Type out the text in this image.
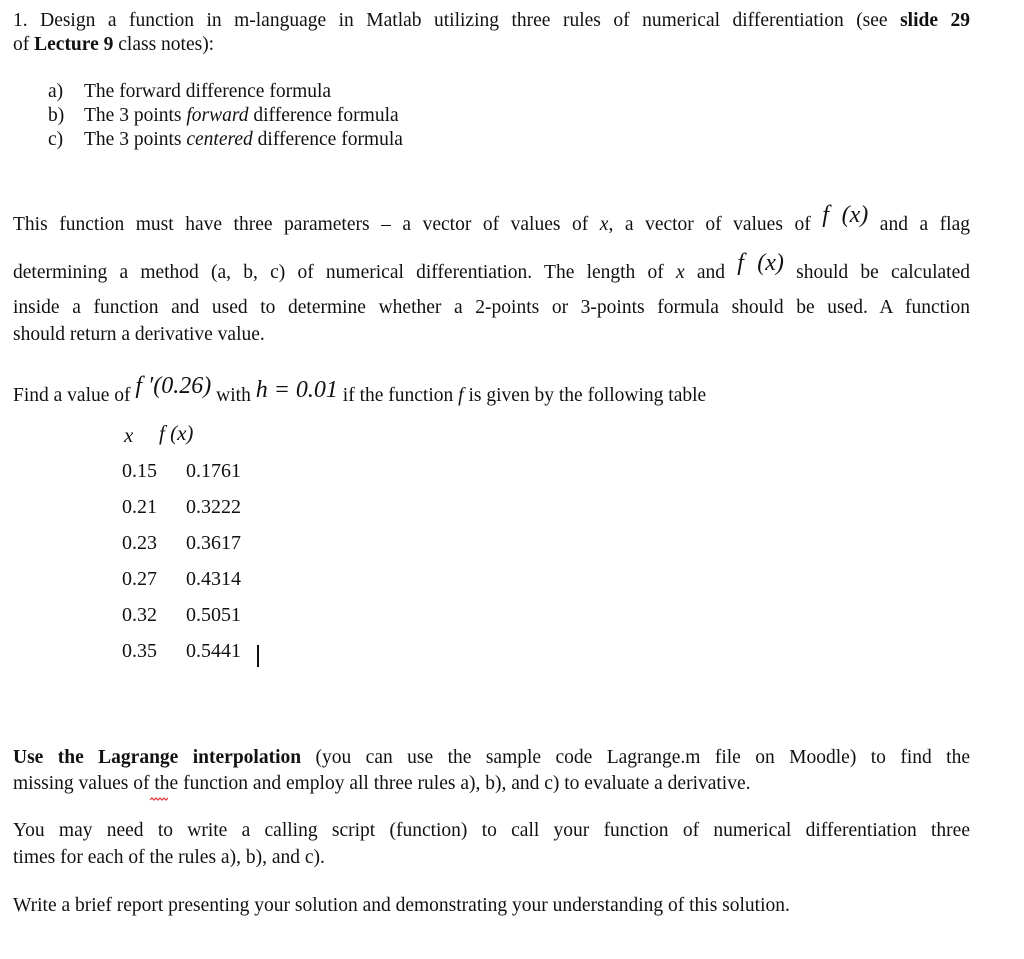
1. Design a function in m-language in Matlab utilizing three rules of numerical differentiation (see slide 29
of Lecture 9 class notes):
a) The forward difference formula
b) The 3 points forward difference formula
c) The 3 points centered difference formula
This function must have three parameters – a vector of values of x, a vector of values of f (x) and a flag
determining a method (a, b, c) of numerical differentiation. The length of x and f (x) should be calculated
inside a function and used to determine whether a 2-points or 3-points formula should be used. A function
should return a derivative value.
Find a value of f ′(0.26) with h = 0.01 if the function f is given by the following table
x f (x)
0.15 0.1761
0.21 0.3222
0.23 0.3617
0.27 0.4314
0.32 0.5051
0.35 0.5441
Use the Lagrange interpolation (you can use the sample code Lagrange.m file on Moodle) to find the
missing values of the function and employ all three rules a), b), and c) to evaluate a derivative.
You may need to write a calling script (function) to call your function of numerical differentiation three
times for each of the rules a), b), and c).
Write a brief report presenting your solution and demonstrating your understanding of this solution.
